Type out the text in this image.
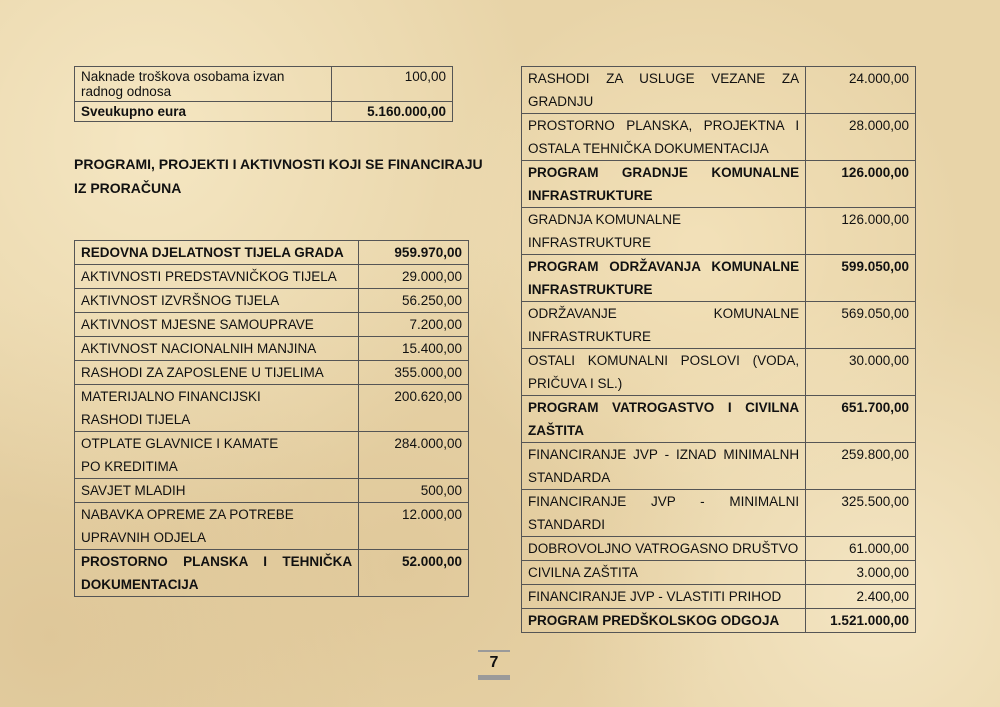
Naknade troškova osobama izvan radnog odnosa	100,00
Sveukupno eura	5.160.000,00
PROGRAMI, PROJEKTI I AKTIVNOSTI KOJI SE FINANCIRAJU IZ PRORAČUNA
REDOVNA DJELATNOST TIJELA GRADA	959.970,00
AKTIVNOSTI PREDSTAVNIČKOG TIJELA	29.000,00
AKTIVNOST IZVRŠNOG TIJELA	56.250,00
AKTIVNOST MJESNE SAMOUPRAVE	7.200,00
AKTIVNOST NACIONALNIH MANJINA	15.400,00
RASHODI ZA ZAPOSLENE U TIJELIMA	355.000,00
MATERIJALNO FINANCIJSKI RASHODI TIJELA	200.620,00
OTPLATE GLAVNICE I KAMATE PO KREDITIMA	284.000,00
SAVJET MLADIH	500,00
NABAVKA OPREME ZA POTREBE UPRAVNIH ODJELA	12.000,00
PROSTORNO PLANSKA I TEHNIČKA DOKUMENTACIJA	52.000,00
RASHODI ZA USLUGE VEZANE ZA GRADNJU	24.000,00
PROSTORNO PLANSKA, PROJEKTNA I OSTALA TEHNIČKA DOKUMENTACIJA	28.000,00
PROGRAM GRADNJE KOMUNALNE INFRASTRUKTURE	126.000,00
GRADNJA KOMUNALNE INFRASTRUKTURE	126.000,00
PROGRAM ODRŽAVANJA KOMUNALNE INFRASTRUKTURE	599.050,00
ODRŽAVANJE KOMUNALNE INFRASTRUKTURE	569.050,00
OSTALI KOMUNALNI POSLOVI (VODA, PRIČUVA I SL.)	30.000,00
PROGRAM VATROGASTVO I CIVILNA ZAŠTITA	651.700,00
FINANCIRANJE JVP - IZNAD MINIMALNH STANDARDA	259.800,00
FINANCIRANJE JVP - MINIMALNI STANDARDI	325.500,00
DOBROVOLJNO VATROGASNO DRUŠTVO	61.000,00
CIVILNA ZAŠTITA	3.000,00
FINANCIRANJE JVP - VLASTITI PRIHOD	2.400,00
PROGRAM PREDŠKOLSKOG ODGOJA	1.521.000,00
7
